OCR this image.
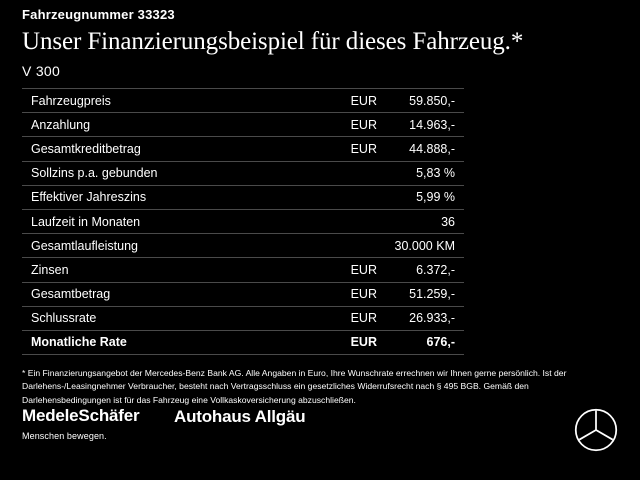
Fahrzeugnummer 33323
Unser Finanzierungsbeispiel für dieses Fahrzeug.*
V 300
Fahrzeugpreis	EUR	59.850,-
Anzahlung	EUR	14.963,-
Gesamtkreditbetrag	EUR	44.888,-
Sollzins p.a. gebunden	5,83 %
Effektiver Jahreszins	5,99 %
Laufzeit in Monaten	36
Gesamtlaufleistung	30.000 KM
Zinsen	EUR	6.372,-
Gesamtbetrag	EUR	51.259,-
Schlussrate	EUR	26.933,-
Monatliche Rate	EUR	676,-
* Ein Finanzierungsangebot der Mercedes-Benz Bank AG. Alle Angaben in Euro, Ihre Wunschrate errechnen wir Ihnen gerne persönlich. Ist der Darlehens-/Leasingnehmer Verbraucher, besteht nach Vertragsschluss ein gesetzliches Widerrufsrecht nach § 495 BGB. Gemäß den Darlehensbedingungen ist für das Fahrzeug eine Vollkaskoversicherung abzuschließen.
MedeleSchäfer
Menschen bewegen.
Autohaus Allgäu
